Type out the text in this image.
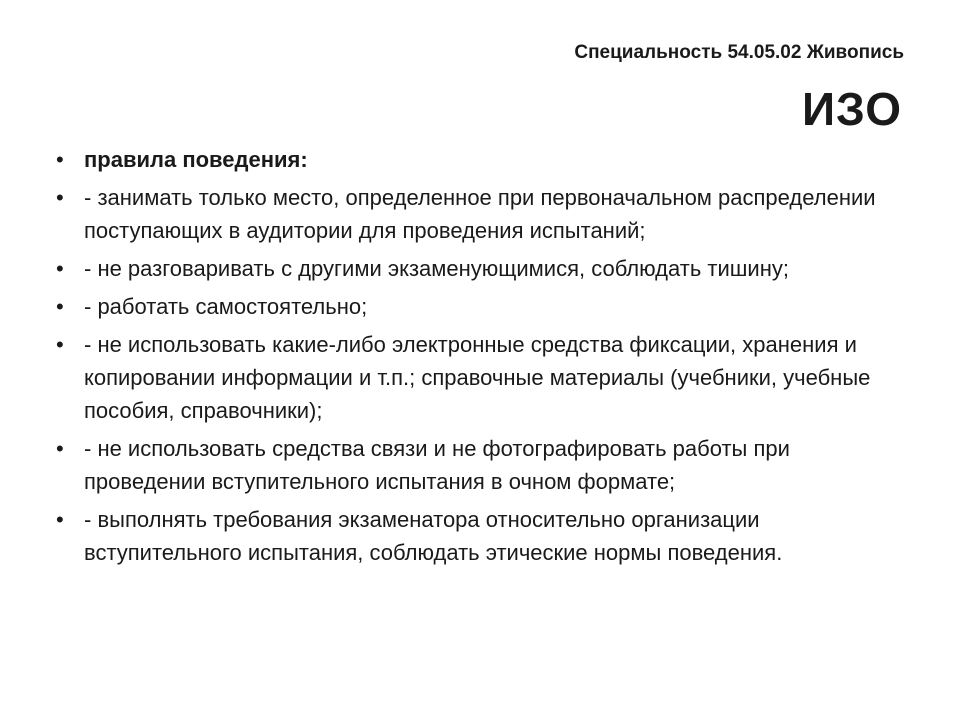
Специальность 54.05.02 Живопись
ИЗО
• правила поведения:
• - занимать только место, определенное при первоначальном распределении поступающих в аудитории для проведения испытаний;
• - не разговаривать с другими экзаменующимися, соблюдать тишину;
• - работать самостоятельно;
• - не использовать какие-либо электронные средства фиксации, хранения и копировании информации и т.п.; справочные материалы (учебники, учебные пособия, справочники);
• - не использовать средства связи и не фотографировать работы при проведении вступительного испытания в очном формате;
• - выполнять требования экзаменатора относительно организации вступительного испытания, соблюдать этические нормы поведения.
